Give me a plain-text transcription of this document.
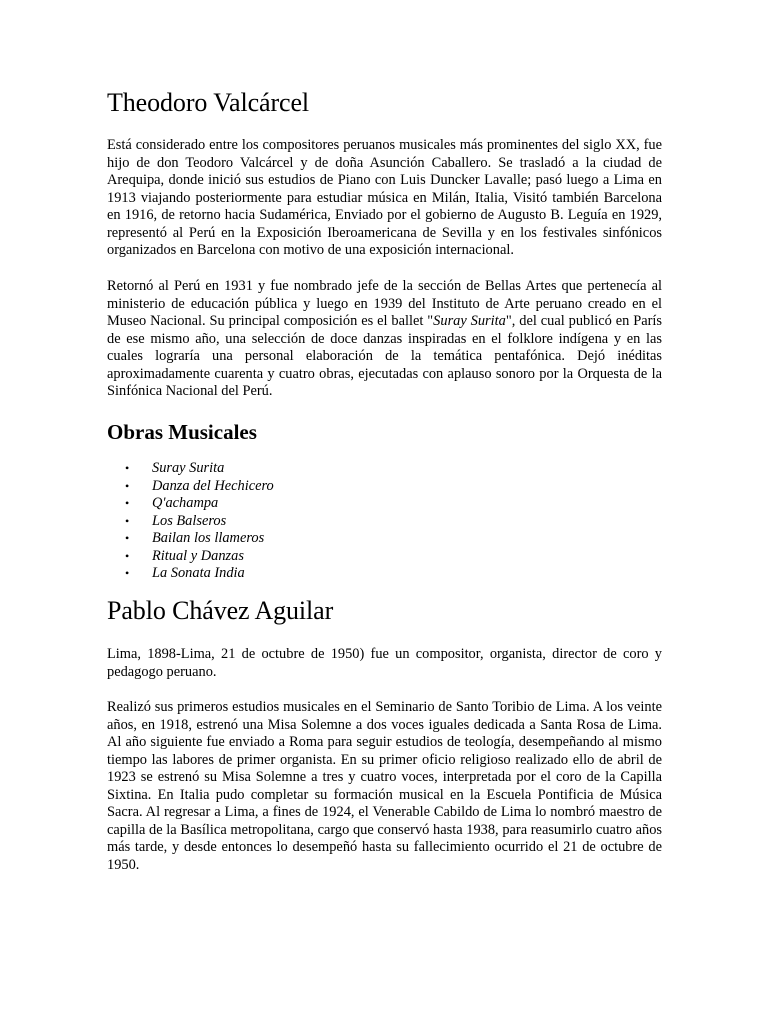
Theodoro Valcárcel

Está considerado entre los compositores peruanos musicales más prominentes del siglo XX, fue hijo de don Teodoro Valcárcel y de doña Asunción Caballero. Se trasladó a la ciudad de Arequipa, donde inició sus estudios de Piano con Luis Duncker Lavalle; pasó luego a Lima en 1913 viajando posteriormente para estudiar música en Milán, Italia, Visitó también Barcelona en 1916, de retorno hacia Sudamérica, Enviado por el gobierno de Augusto B. Leguía en 1929, representó al Perú en la Exposición Iberoamericana de Sevilla y en los festivales sinfónicos organizados en Barcelona con motivo de una exposición internacional.

Retornó al Perú en 1931 y fue nombrado jefe de la sección de Bellas Artes que pertenecía al ministerio de educación pública y luego en 1939 del Instituto de Arte peruano creado en el Museo Nacional. Su principal composición es el ballet "Suray Surita", del cual publicó en París de ese mismo año, una selección de doce danzas inspiradas en el folklore indígena y en las cuales lograría una personal elaboración de la temática pentafónica. Dejó inéditas aproximadamente cuarenta y cuatro obras, ejecutadas con aplauso sonoro por la Orquesta de la Sinfónica Nacional del Perú.

Obras Musicales
• Suray Surita
• Danza del Hechicero
• Q'achampa
• Los Balseros
• Bailan los llameros
• Ritual y Danzas
• La Sonata India
Pablo Chávez Aguilar

Lima, 1898-Lima, 21 de octubre de 1950) fue un compositor, organista, director de coro y pedagogo peruano.

Realizó sus primeros estudios musicales en el Seminario de Santo Toribio de Lima. A los veinte años, en 1918, estrenó una Misa Solemne a dos voces iguales dedicada a Santa Rosa de Lima. Al año siguiente fue enviado a Roma para seguir estudios de teología, desempeñando al mismo tiempo las labores de primer organista. En su primer oficio religioso realizado ello de abril de 1923 se estrenó su Misa Solemne a tres y cuatro voces, interpretada por el coro de la Capilla Sixtina. En Italia pudo completar su formación musical en la Escuela Pontificia de Música Sacra. Al regresar a Lima, a fines de 1924, el Venerable Cabildo de Lima lo nombró maestro de capilla de la Basílica metropolitana, cargo que conservó hasta 1938, para reasumirlo cuatro años más tarde, y desde entonces lo desempeñó hasta su fallecimiento ocurrido el 21 de octubre de 1950.
